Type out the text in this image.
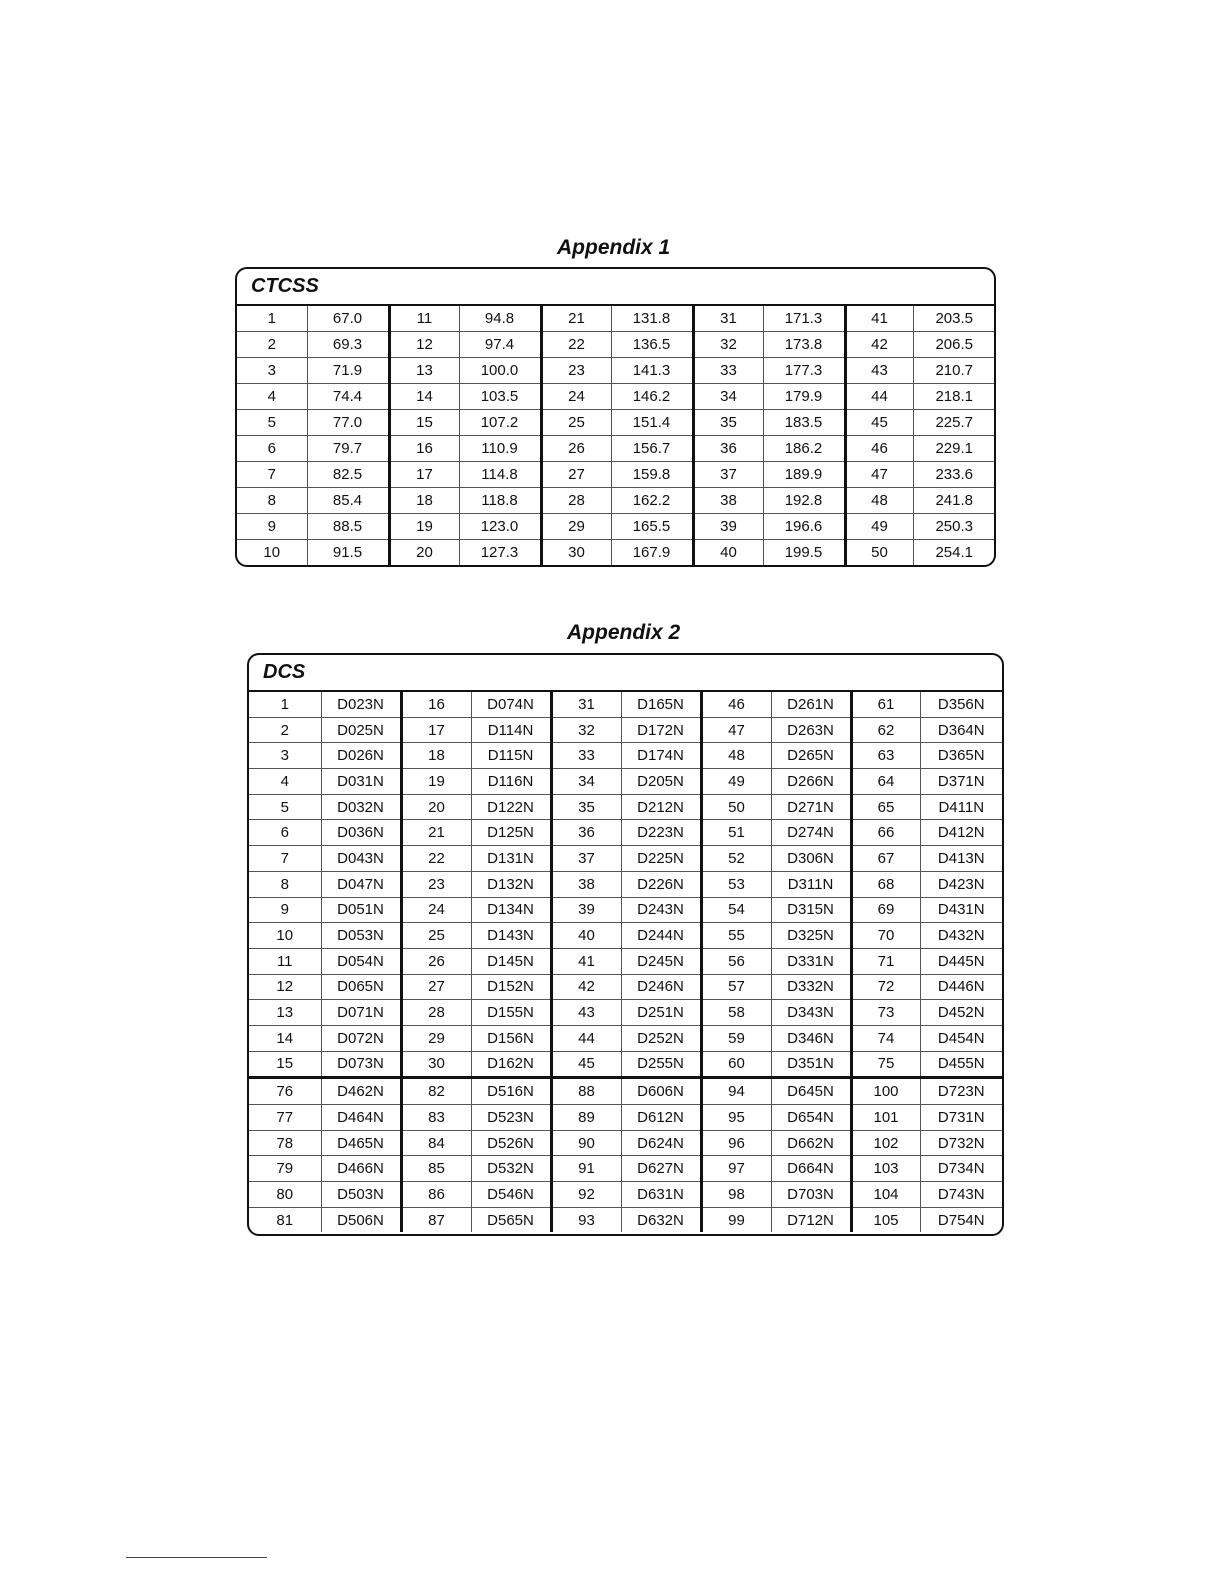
Appendix 1
CTCSS
1	67.0	11	94.8	21	131.8	31	171.3	41	203.5
2	69.3	12	97.4	22	136.5	32	173.8	42	206.5
3	71.9	13	100.0	23	141.3	33	177.3	43	210.7
4	74.4	14	103.5	24	146.2	34	179.9	44	218.1
5	77.0	15	107.2	25	151.4	35	183.5	45	225.7
6	79.7	16	110.9	26	156.7	36	186.2	46	229.1
7	82.5	17	114.8	27	159.8	37	189.9	47	233.6
8	85.4	18	118.8	28	162.2	38	192.8	48	241.8
9	88.5	19	123.0	29	165.5	39	196.6	49	250.3
10	91.5	20	127.3	30	167.9	40	199.5	50	254.1
Appendix 2
DCS
1	D023N	16	D074N	31	D165N	46	D261N	61	D356N
2	D025N	17	D114N	32	D172N	47	D263N	62	D364N
3	D026N	18	D115N	33	D174N	48	D265N	63	D365N
4	D031N	19	D116N	34	D205N	49	D266N	64	D371N
5	D032N	20	D122N	35	D212N	50	D271N	65	D411N
6	D036N	21	D125N	36	D223N	51	D274N	66	D412N
7	D043N	22	D131N	37	D225N	52	D306N	67	D413N
8	D047N	23	D132N	38	D226N	53	D311N	68	D423N
9	D051N	24	D134N	39	D243N	54	D315N	69	D431N
10	D053N	25	D143N	40	D244N	55	D325N	70	D432N
11	D054N	26	D145N	41	D245N	56	D331N	71	D445N
12	D065N	27	D152N	42	D246N	57	D332N	72	D446N
13	D071N	28	D155N	43	D251N	58	D343N	73	D452N
14	D072N	29	D156N	44	D252N	59	D346N	74	D454N
15	D073N	30	D162N	45	D255N	60	D351N	75	D455N
76	D462N	82	D516N	88	D606N	94	D645N	100	D723N
77	D464N	83	D523N	89	D612N	95	D654N	101	D731N
78	D465N	84	D526N	90	D624N	96	D662N	102	D732N
79	D466N	85	D532N	91	D627N	97	D664N	103	D734N
80	D503N	86	D546N	92	D631N	98	D703N	104	D743N
81	D506N	87	D565N	93	D632N	99	D712N	105	D754N
